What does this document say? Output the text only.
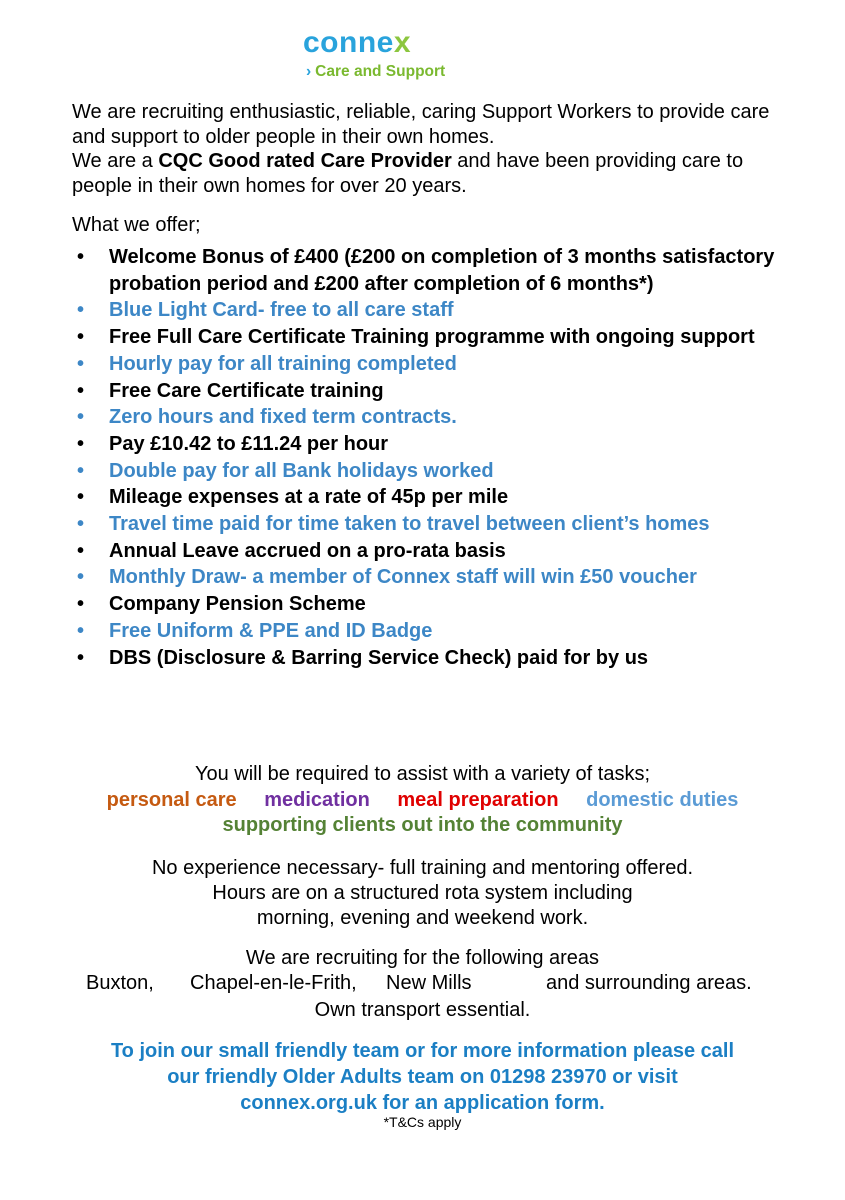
connex
› Care and Support

We are recruiting enthusiastic, reliable, caring Support Workers to provide care and support to older people in their own homes.

We are a CQC Good rated Care Provider and have been providing care to people in their own homes for over 20 years.

What we offer;
• Welcome Bonus of £400 (£200 on completion of 3 months satisfactory probation period and £200 after completion of 6 months*)
• Blue Light Card- free to all care staff
• Free Full Care Certificate Training programme with ongoing support
• Hourly pay for all training completed
• Free Care Certificate training
• Zero hours and fixed term contracts.
• Pay £10.42 to £11.24 per hour
• Double pay for all Bank holidays worked
• Mileage expenses at a rate of 45p per mile
• Travel time paid for time taken to travel between client’s homes
• Annual Leave accrued on a pro-rata basis
• Monthly Draw- a member of Connex staff will win £50 voucher
• Company Pension Scheme
• Free Uniform & PPE and ID Badge
• DBS (Disclosure & Barring Service Check) paid for by us
You will be required to assist with a variety of tasks;
personal care medication meal preparation domestic duties
supporting clients out into the community
No experience necessary- full training and mentoring offered.
Hours are on a structured rota system including
morning, evening and weekend work.
We are recruiting for the following areas
Buxton, Chapel-en-le-Frith, New Mills	and surrounding areas.
Own transport essential.
To join our small friendly team or for more information please call
our friendly Older Adults team on 01298 23970 or visit
connex.org.uk for an application form.
*T&Cs apply
